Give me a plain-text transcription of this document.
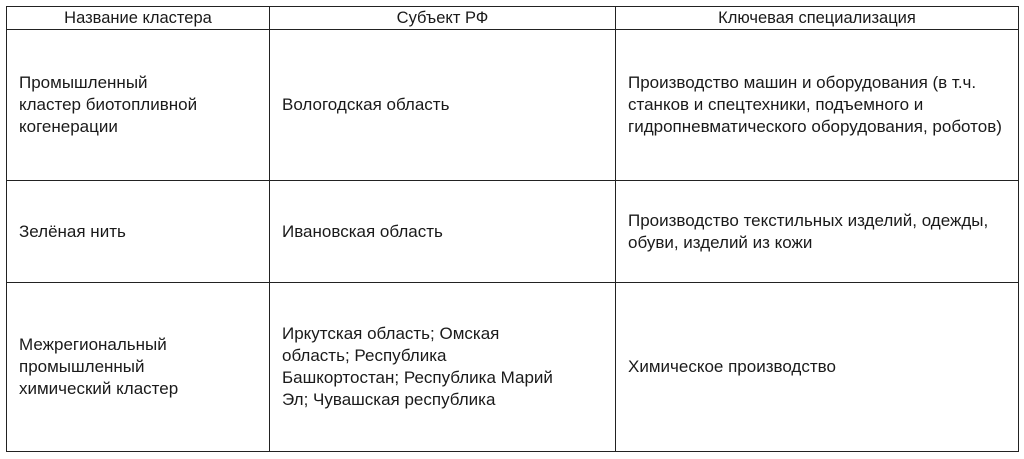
Название кластера	Субъект РФ	Ключевая специализация

Промышленный кластер биотопливной когенерации	Вологодская область	Производство машин и оборудования (в т.ч. станков и спецтехники, подъемного и гидропневматического оборудования, роботов)
Зелёная нить	Ивановская область	Производство текстильных изделий, одежды, обуви, изделий из кожи

Межрегиональный промышленный химический кластер	Иркутская область; Омская область; Республика Башкортостан; Республика Марий Эл; Чувашская республика	Химическое производство
